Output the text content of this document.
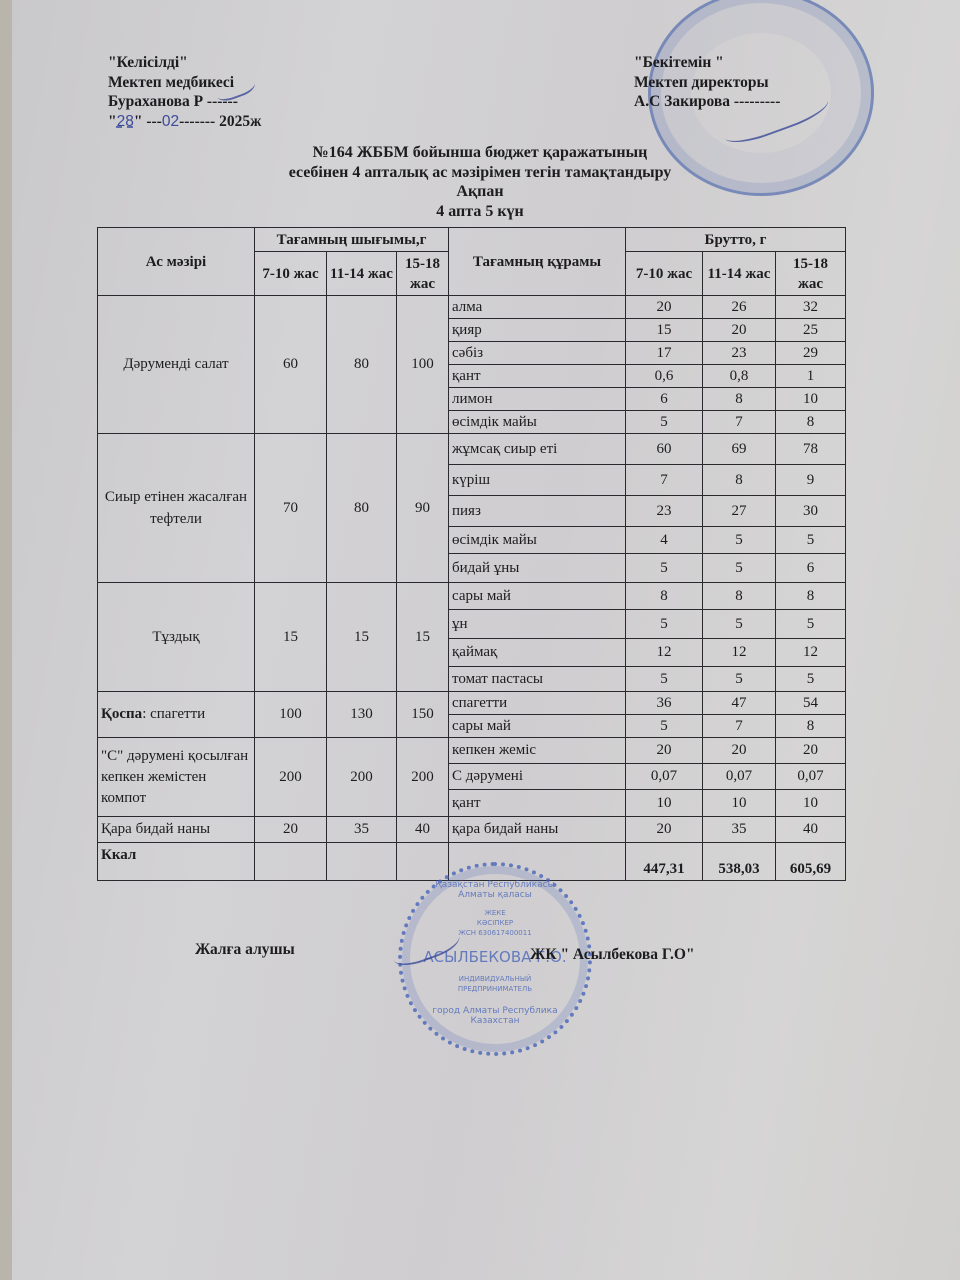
"Келісілді"
Мектеп медбикесі
Бураханова Р ------
"28" ---02------- 2025ж
"Бекітемін "
Мектеп директоры
А.С Закирова ---------
№164 ЖББМ бойынша бюджет қаражатының
есебінен 4 апталық ас мәзірімен тегін тамақтандыру
Ақпан
4 апта 5 күн
Ас мәзірі	Тағамның шығымы,г			Тағамның құрамы	Брутто, г		
	7-10 жас	11-14 жас	15-18 жас		7-10 жас	11-14 жас	15-18 жас
Дәруменді салат	60	80	100	алма	20	26	32
				қияр	15	20	25
				сәбіз	17	23	29
				қант	0,6	0,8	1
				лимон	6	8	10
				өсімдік майы	5	7	8
Сиыр етінен жасалған тефтели	70	80	90	жұмсақ сиыр еті	60	69	78
				күріш	7	8	9
				пияз	23	27	30
				өсімдік майы	4	5	5
				бидай ұны	5	5	6
Тұздық	15	15	15	сары май	8	8	8
				ұн	5	5	5
				қаймақ	12	12	12
				томат пастасы	5	5	5
Қоспа: спагетти	100	130	150	спагетти	36	47	54
				сары май	5	7	8
"С" дәрумені қосылған кепкен жемістен компот	200	200	200	кепкен жеміс	20	20	20
				С дәрумені	0,07	0,07	0,07
				қант	10	10	10
Қара бидай наны	20	35	40	қара бидай наны	20	35	40
Ккал					447,31	538,03	605,69
Қазақстан Республикасы Алматы қаласы
ЖЕКЕ
КӘСІПКЕР
ЖСН 630617400011
АСЫЛБЕКОВА Г.О.
ИНДИВИДУАЛЬНЫЙ
ПРЕДПРИНИМАТЕЛЬ
город Алматы Республика Казахстан
Жалға алушы	ЖК " Асылбекова Г.О"
